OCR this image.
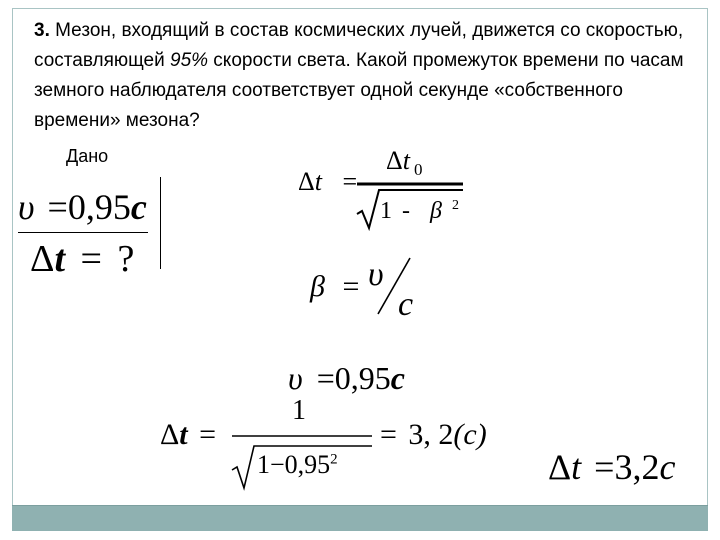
3. Мезон, входящий в состав космических лучей, движется со скоростью, составляющей 95% скорости света. Какой промежуток времени по часам земного наблюдателя соответствует одной секунде «собственного времени» мезона?
Дано
υ =0,95c
Δt = ?
Δt =
Δt $_0$
1 - β $^2$
β = υ
c
υ =0,95c
Δt =
1
$1-0,95^2$
= 3, 2(c)
Δt =3,2c
